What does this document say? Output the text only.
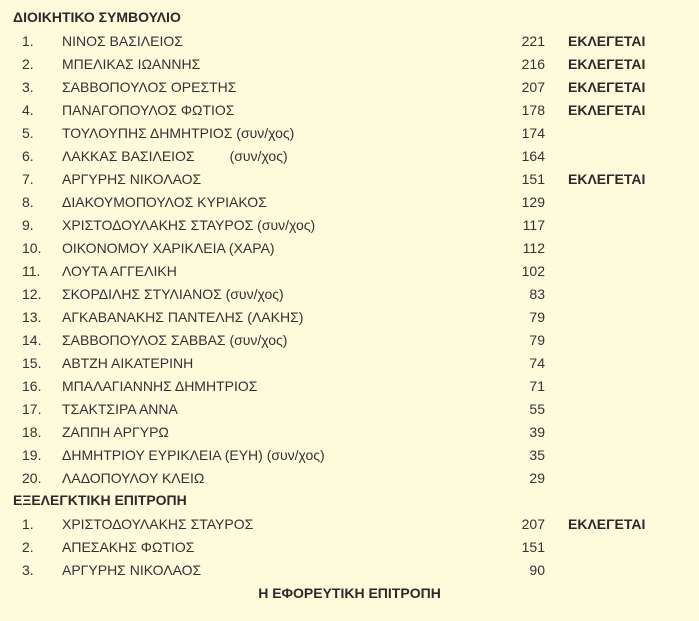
ΔΙΟΙΚΗΤΙΚΟ ΣΥΜΒΟΥΛΙΟ
1. ΝΙΝΟΣ ΒΑΣΙΛΕΙΟΣ	221 ΕΚΛΕΓΕΤΑΙ
2. ΜΠΕΛΙΚΑΣ ΙΩΑΝΝΗΣ	216 ΕΚΛΕΓΕΤΑΙ
3. ΣΑΒΒΟΠΟΥΛΟΣ ΟΡΕΣΤΗΣ	207 ΕΚΛΕΓΕΤΑΙ
4. ΠΑΝΑΓΟΠΟΥΛΟΣ ΦΩΤΙΟΣ	178 ΕΚΛΕΓΕΤΑΙ
5. ΤΟΥΛΟΥΠΗΣ ΔΗΜΗΤΡΙΟΣ (συν/χος)	174
6. ΛΑΚΚΑΣ ΒΑΣΙΛΕΙΟΣ         (συν/χος)	164
7. ΑΡΓΥΡΗΣ ΝΙΚΟΛΑΟΣ	151 ΕΚΛΕΓΕΤΑΙ
8. ΔΙΑΚΟΥΜΟΠΟΥΛΟΣ ΚΥΡΙΑΚΟΣ	129
9. ΧΡΙΣΤΟΔΟΥΛΑΚΗΣ ΣΤΑΥΡΟΣ (συν/χος)	117
10. ΟΙΚΟΝΟΜΟΥ ΧΑΡΙΚΛΕΙΑ (ΧΑΡΑ)	112
11. ΛΟΥΤΑ ΑΓΓΕΛΙΚΗ	102
12. ΣΚΟΡΔΙΛΗΣ ΣΤΥΛΙΑΝΟΣ (συν/χος)	83
13. ΑΓΚΑΒΑΝΑΚΗΣ ΠΑΝΤΕΛΗΣ (ΛΑΚΗΣ)	79
14. ΣΑΒΒΟΠΟΥΛΟΣ ΣΑΒΒΑΣ (συν/χος)	79
15. ΑΒΤΖΗ ΑΙΚΑΤΕΡΙΝΗ	74
16. ΜΠΑΛΑΓΙΑΝΝΗΣ ΔΗΜΗΤΡΙΟΣ	71
17. ΤΣΑΚΤΣΙΡΑ ΑΝΝΑ	55
18. ΖΑΠΠΗ ΑΡΓΥΡΩ	39
19. ΔΗΜΗΤΡΙΟΥ ΕΥΡΙΚΛΕΙΑ (ΕΥΗ) (συν/χος)	35
20. ΛΑΔΟΠΟΥΛΟΥ ΚΛΕΙΩ	29
ΕΞΕΛΕΓΚΤΙΚΗ ΕΠΙΤΡΟΠΗ
1. ΧΡΙΣΤΟΔΟΥΛΑΚΗΣ ΣΤΑΥΡΟΣ	207 ΕΚΛΕΓΕΤΑΙ
2. ΑΠΕΣΑΚΗΣ ΦΩΤΙΟΣ	151
3. ΑΡΓΥΡΗΣ ΝΙΚΟΛΑΟΣ	90
Η ΕΦΟΡΕΥΤΙΚΗ ΕΠΙΤΡΟΠΗ
